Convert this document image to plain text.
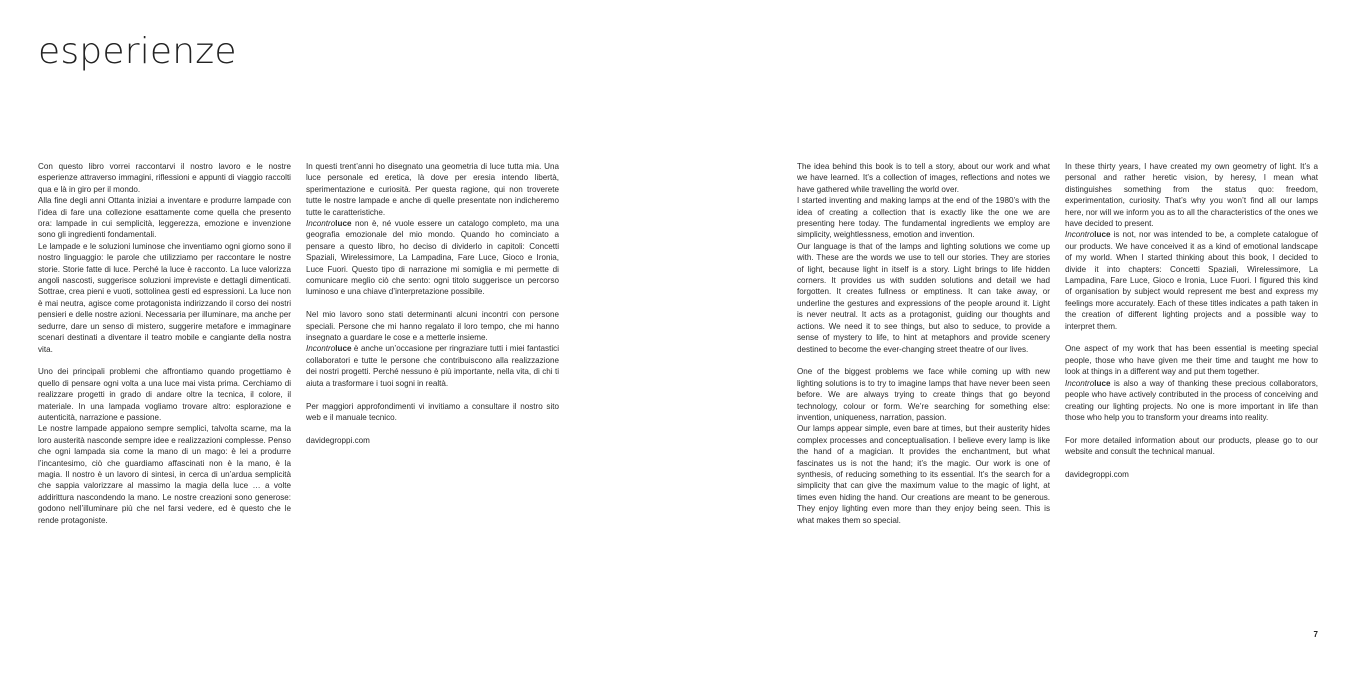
esperienze

Con questo libro vorrei raccontarvi il nostro lavoro e le nostre esperienze attraverso immagini, riflessioni e appunti di viaggio raccolti qua e là in giro per il mondo.

Alla fine degli anni Ottanta iniziai a inventare e produrre lampade con l’idea di fare una collezione esattamente come quella che presento ora: lampade in cui semplicità, leggerezza, emozione e invenzione sono gli ingredienti fondamentali.

Le lampade e le soluzioni luminose che inventiamo ogni giorno sono il nostro linguaggio: le parole che utilizziamo per raccontare le nostre storie. Storie fatte di luce. Perché la luce è racconto. La luce valorizza angoli nascosti, suggerisce soluzioni impreviste e dettagli dimenticati. Sottrae, crea pieni e vuoti, sottolinea gesti ed espressioni. La luce non è mai neutra, agisce come protagonista indirizzando il corso dei nostri pensieri e delle nostre azioni. Necessaria per illuminare, ma anche per sedurre, dare un senso di mistero, suggerire metafore e immaginare scenari destinati a diventare il teatro mobile e cangiante della nostra vita.

Uno dei principali problemi che affrontiamo quando progettiamo è quello di pensare ogni volta a una luce mai vista prima. Cerchiamo di realizzare progetti in grado di andare oltre la tecnica, il colore, il materiale. In una lampada vogliamo trovare altro: esplorazione e autenticità, narrazione e passione.

Le nostre lampade appaiono sempre semplici, talvolta scarne, ma la loro austerità nasconde sempre idee e realizzazioni complesse. Penso che ogni lampada sia come la mano di un mago: è lei a produrre l’incantesimo, ciò che guardiamo affascinati non è la mano, è la magia. Il nostro è un lavoro di sintesi, in cerca di un’ardua semplicità che sappia valorizzare al massimo la magia della luce … a volte addirittura nascondendo la mano. Le nostre creazioni sono generose: godono nell’illuminare più che nel farsi vedere, ed è questo che le rende protagoniste.

In questi trent’anni ho disegnato una geometria di luce tutta mia. Una luce personale ed eretica, là dove per eresia intendo libertà, sperimentazione e curiosità. Per questa ragione, qui non troverete tutte le nostre lampade e anche di quelle presentate non indicheremo tutte le caratteristiche.

Incontroluce non è, né vuole essere un catalogo completo, ma una geografia emozionale del mio mondo. Quando ho cominciato a pensare a questo libro, ho deciso di dividerlo in capitoli: Concetti Spaziali, Wirelessimore, La Lampadina, Fare Luce, Gioco e Ironia, Luce Fuori. Questo tipo di narrazione mi somiglia e mi permette di comunicare meglio ciò che sento: ogni titolo suggerisce un percorso luminoso e una chiave d’interpretazione possibile.

Nel mio lavoro sono stati determinanti alcuni incontri con persone speciali. Persone che mi hanno regalato il loro tempo, che mi hanno insegnato a guardare le cose e a metterle insieme.

Incontroluce è anche un’occasione per ringraziare tutti i miei fantastici collaboratori e tutte le persone che contribuiscono alla realizzazione dei nostri progetti. Perché nessuno è più importante, nella vita, di chi ti aiuta a trasformare i tuoi sogni in realtà.

Per maggiori approfondimenti vi invitiamo a consultare il nostro sito web e il manuale tecnico.

davidegroppi.com

The idea behind this book is to tell a story, about our work and what we have learned. It’s a collection of images, reflections and notes we have gathered while travelling the world over.

I started inventing and making lamps at the end of the 1980’s with the idea of creating a collection that is exactly like the one we are presenting here today. The fundamental ingredients we employ are simplicity, weightlessness, emotion and invention.

Our language is that of the lamps and lighting solutions we come up with. These are the words we use to tell our stories. They are stories of light, because light in itself is a story. Light brings to life hidden corners. It provides us with sudden solutions and detail we had forgotten. It creates fullness or emptiness. It can take away, or underline the gestures and expressions of the people around it. Light is never neutral. It acts as a protagonist, guiding our thoughts and actions. We need it to see things, but also to seduce, to provide a sense of mystery to life, to hint at metaphors and provide scenery destined to become the ever-changing street theatre of our lives.

One of the biggest problems we face while coming up with new lighting solutions is to try to imagine lamps that have never been seen before. We are always trying to create things that go beyond technology, colour or form. We’re searching for something else: invention, uniqueness, narration, passion.

Our lamps appear simple, even bare at times, but their austerity hides complex processes and conceptualisation. I believe every lamp is like the hand of a magician. It provides the enchantment, but what fascinates us is not the hand; it’s the magic. Our work is one of synthesis, of reducing something to its essential. It’s the search for a simplicity that can give the maximum value to the magic of light, at times even hiding the hand. Our creations are meant to be generous. They enjoy lighting even more than they enjoy being seen. This is what makes them so special.

In these thirty years, I have created my own geometry of light. It’s a personal and rather heretic vision, by heresy, I mean what distinguishes something from the status quo: freedom, experimentation, curiosity. That’s why you won’t find all our lamps here, nor will we inform you as to all the characteristics of the ones we have decided to present.

Incontroluce is not, nor was intended to be, a complete catalogue of our products. We have conceived it as a kind of emotional landscape of my world. When I started thinking about this book, I decided to divide it into chapters: Concetti Spaziali, Wirelessimore, La Lampadina, Fare Luce, Gioco e Ironia, Luce Fuori. I figured this kind of organisation by subject would represent me best and express my feelings more accurately. Each of these titles indicates a path taken in the creation of different lighting projects and a possible way to interpret them.

One aspect of my work that has been essential is meeting special people, those who have given me their time and taught me how to look at things in a different way and put them together.

Incontroluce is also a way of thanking these precious collaborators, people who have actively contributed in the process of conceiving and creating our lighting projects. No one is more important in life than those who help you to transform your dreams into reality.

For more detailed information about our products, please go to our website and consult the technical manual.

davidegroppi.com

7
